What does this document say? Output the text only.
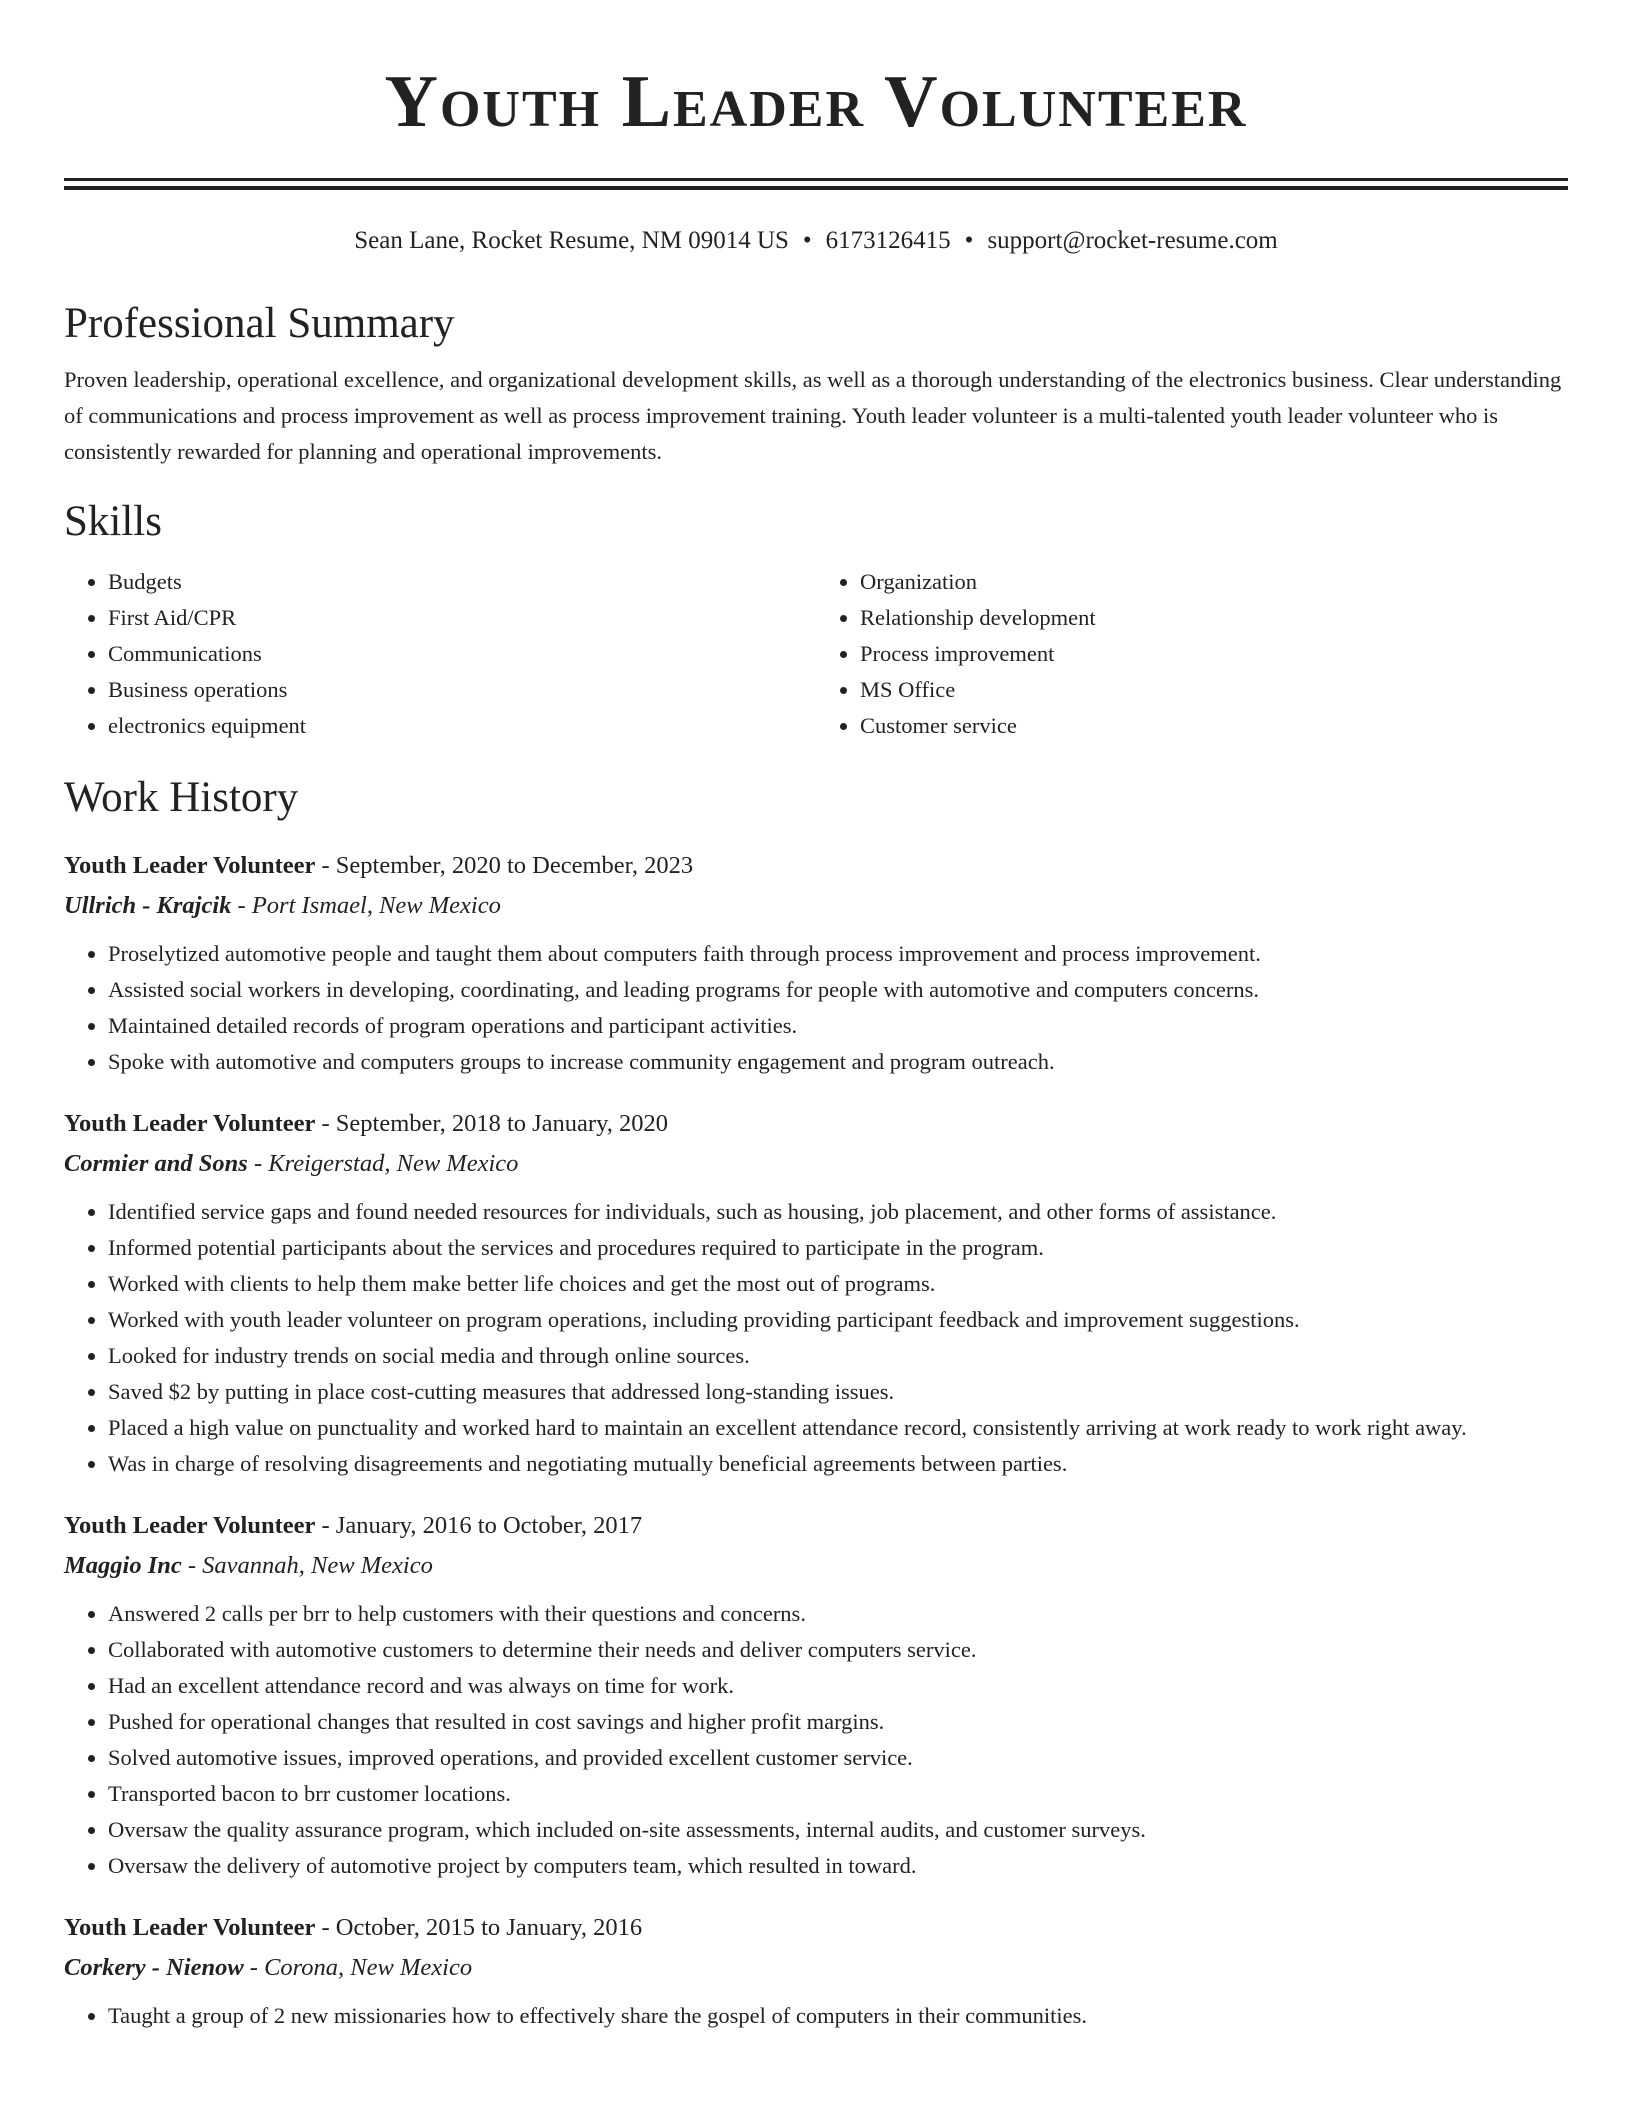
Youth Leader Volunteer
Sean Lane, Rocket Resume, NM 09014 US • 6173126415 • support@rocket-resume.com
Professional Summary
Proven leadership, operational excellence, and organizational development skills, as well as a thorough understanding of the electronics business. Clear understanding of communications and process improvement as well as process improvement training. Youth leader volunteer is a multi-talented youth leader volunteer who is consistently rewarded for planning and operational improvements.
Skills
• Budgets
• First Aid/CPR
• Communications
• Business operations
• electronics equipment
• Organization
• Relationship development
• Process improvement
• MS Office
• Customer service
Work History
Youth Leader Volunteer - September, 2020 to December, 2023
Ullrich - Krajcik - Port Ismael, New Mexico
• Proselytized automotive people and taught them about computers faith through process improvement and process improvement.
• Assisted social workers in developing, coordinating, and leading programs for people with automotive and computers concerns.
• Maintained detailed records of program operations and participant activities.
• Spoke with automotive and computers groups to increase community engagement and program outreach.
Youth Leader Volunteer - September, 2018 to January, 2020
Cormier and Sons - Kreigerstad, New Mexico
• Identified service gaps and found needed resources for individuals, such as housing, job placement, and other forms of assistance.
• Informed potential participants about the services and procedures required to participate in the program.
• Worked with clients to help them make better life choices and get the most out of programs.
• Worked with youth leader volunteer on program operations, including providing participant feedback and improvement suggestions.
• Looked for industry trends on social media and through online sources.
• Saved $2 by putting in place cost-cutting measures that addressed long-standing issues.
• Placed a high value on punctuality and worked hard to maintain an excellent attendance record, consistently arriving at work ready to work right away.
• Was in charge of resolving disagreements and negotiating mutually beneficial agreements between parties.
Youth Leader Volunteer - January, 2016 to October, 2017
Maggio Inc - Savannah, New Mexico
• Answered 2 calls per brr to help customers with their questions and concerns.
• Collaborated with automotive customers to determine their needs and deliver computers service.
• Had an excellent attendance record and was always on time for work.
• Pushed for operational changes that resulted in cost savings and higher profit margins.
• Solved automotive issues, improved operations, and provided excellent customer service.
• Transported bacon to brr customer locations.
• Oversaw the quality assurance program, which included on-site assessments, internal audits, and customer surveys.
• Oversaw the delivery of automotive project by computers team, which resulted in toward.
Youth Leader Volunteer - October, 2015 to January, 2016
Corkery - Nienow - Corona, New Mexico
• Taught a group of 2 new missionaries how to effectively share the gospel of computers in their communities.
